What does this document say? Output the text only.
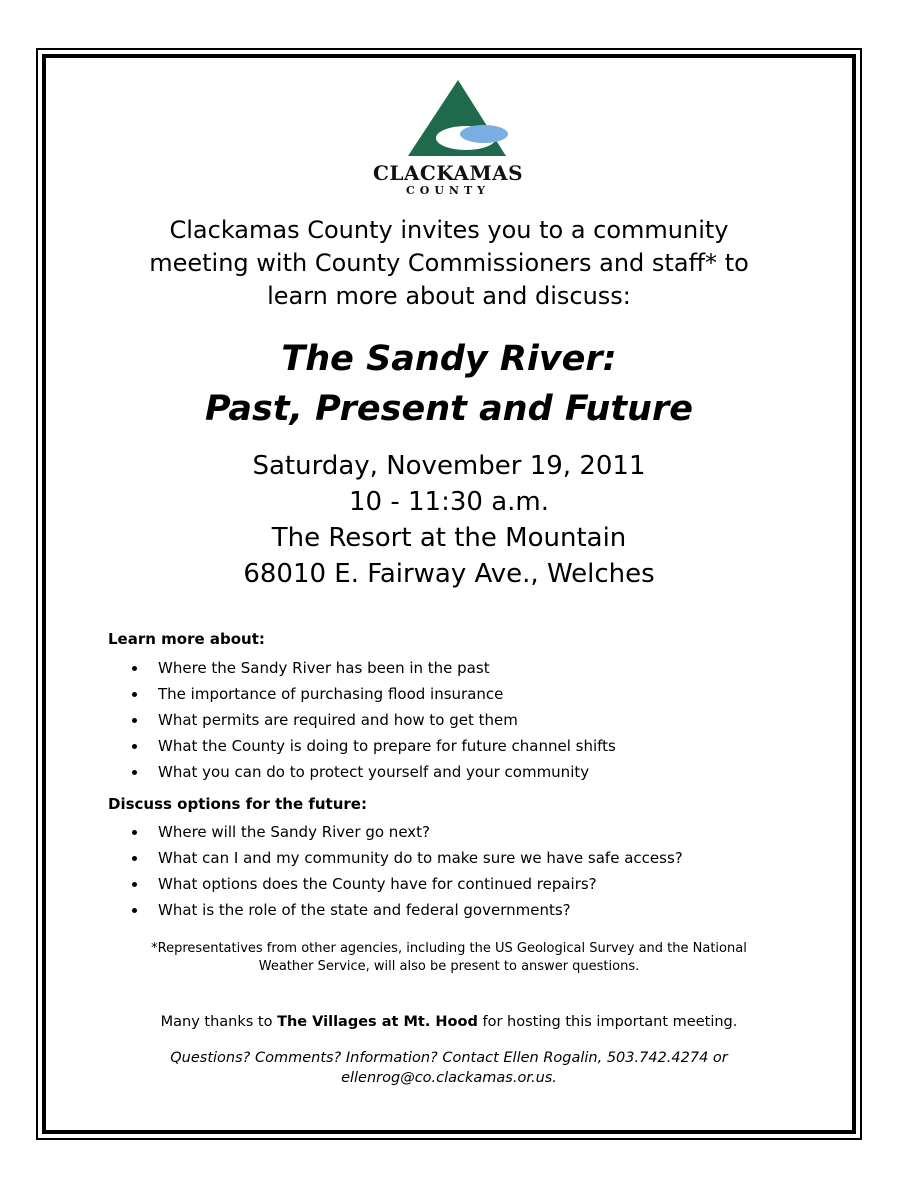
CLACKAMAS
COUNTY
Clackamas County invites you to a community
meeting with County Commissioners and staff* to
learn more about and discuss:
The Sandy River:
Past, Present and Future
Saturday, November 19, 2011
10 - 11:30 a.m.
The Resort at the Mountain
68010 E. Fairway Ave., Welches
Learn more about:
Where the Sandy River has been in the past
The importance of purchasing flood insurance
What permits are required and how to get them
What the County is doing to prepare for future channel shifts
What you can do to protect yourself and your community
Discuss options for the future:
Where will the Sandy River go next?
What can I and my community do to make sure we have safe access?
What options does the County have for continued repairs?
What is the role of the state and federal governments?
*Representatives from other agencies, including the US Geological Survey and the National
Weather Service, will also be present to answer questions.
Many thanks to The Villages at Mt. Hood for hosting this important meeting.
Questions? Comments? Information? Contact Ellen Rogalin, 503.742.4274 or
ellenrog@co.clackamas.or.us.
